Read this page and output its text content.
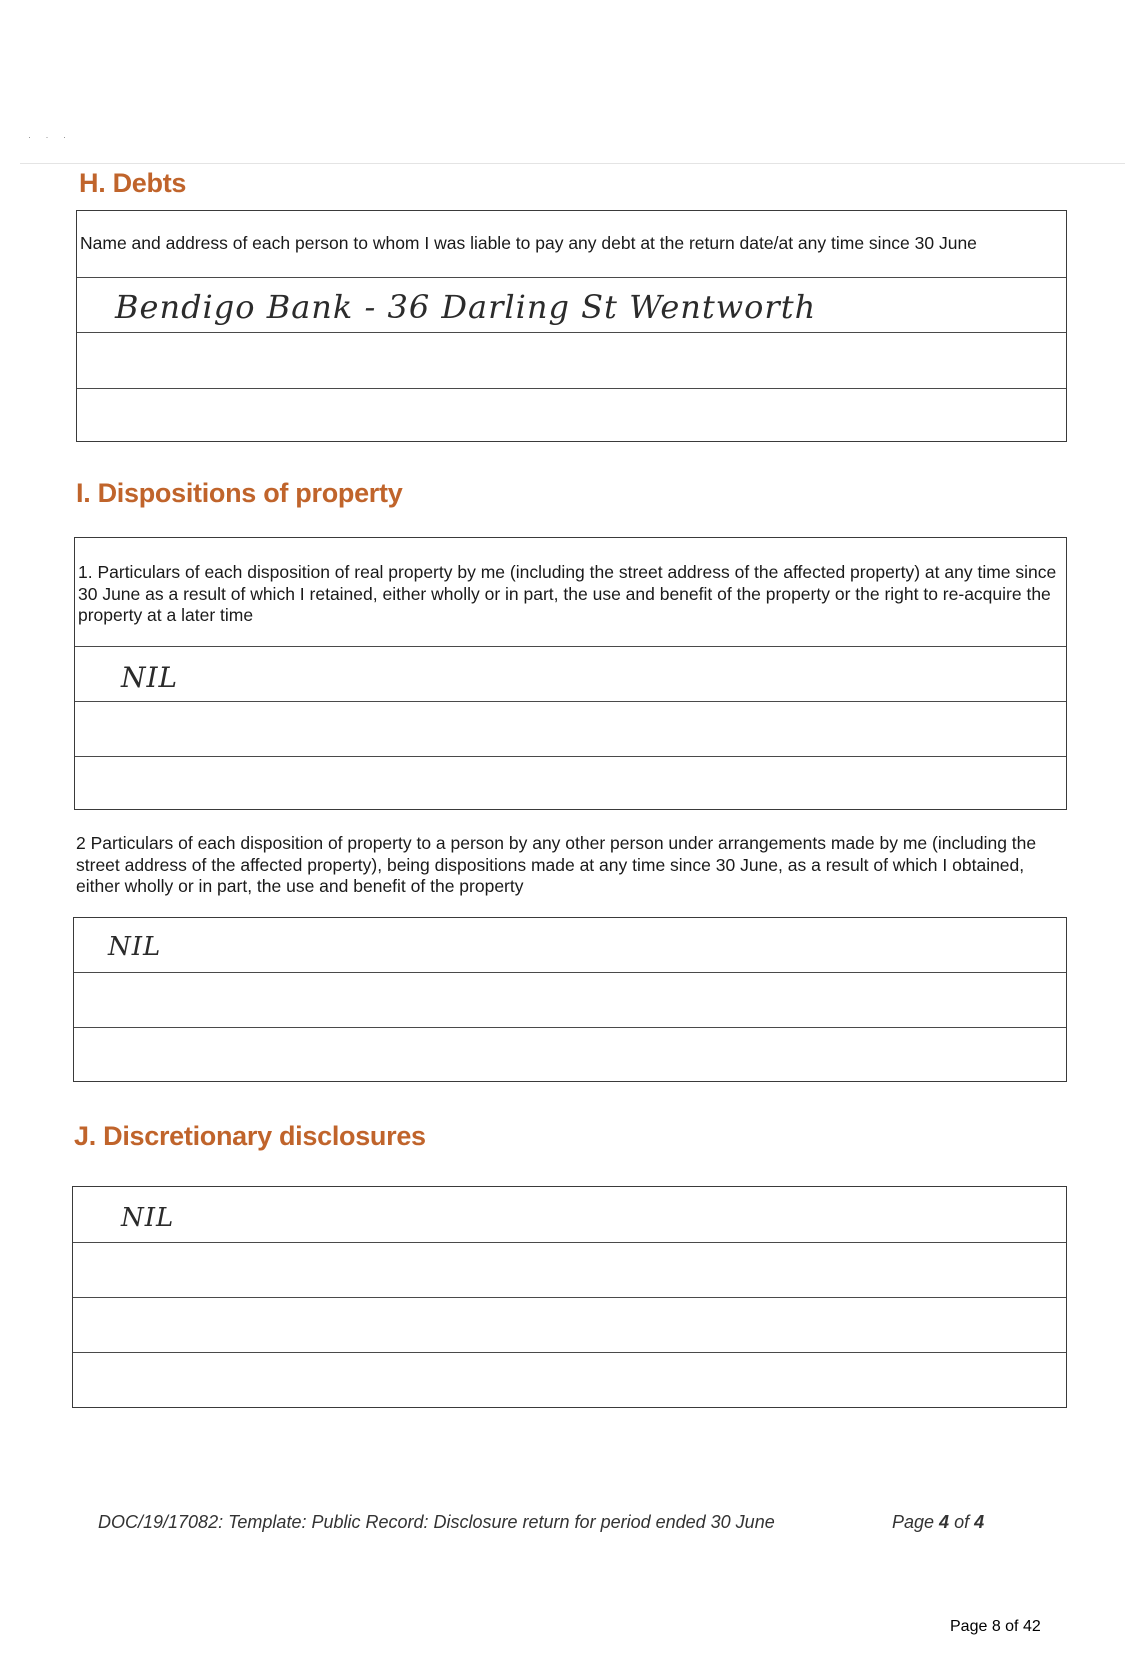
· · ·
H. Debts
Name and address of each person to whom I was liable to pay any debt at the return date/at any time since 30 June
Bendigo Bank - 36 Darling St Wentworth
I. Dispositions of property
1. Particulars of each disposition of real property by me (including the street address of the affected property) at any time since 30 June as a result of which I retained, either wholly or in part, the use and benefit of the property or the right to re-acquire the property at a later time
NIL

2 Particulars of each disposition of property to a person by any other person under arrangements made by me (including the street address of the affected property), being dispositions made at any time since 30 June, as a result of which I obtained, either wholly or in part, the use and benefit of the property

NIL
J. Discretionary disclosures
NIL
DOC/19/17082: Template: Public Record: Disclosure return for period ended 30 June	Page 4 of 4
Page 8 of 42
